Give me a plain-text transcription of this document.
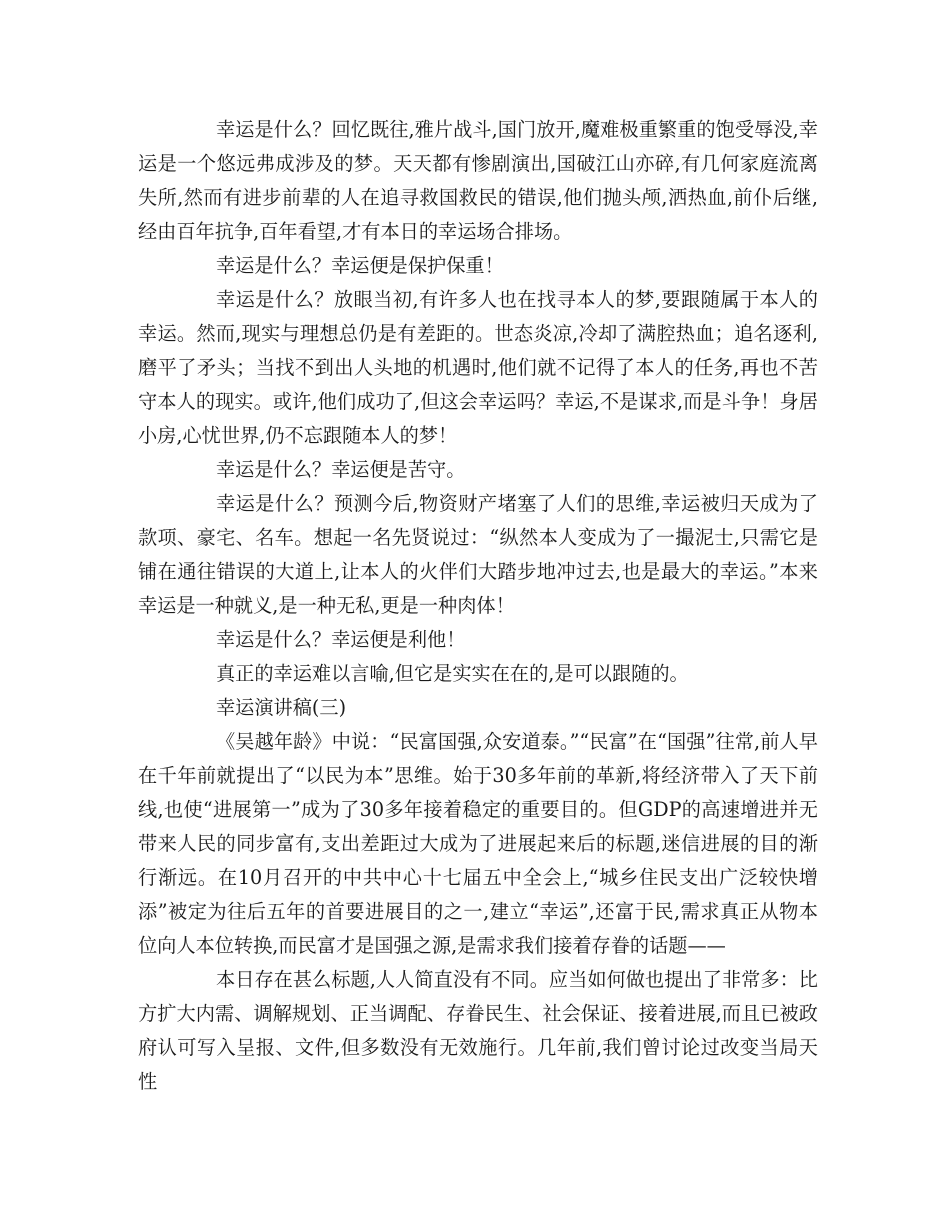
幸运是什么？回忆既往,雅片战斗,国门放开,魔难极重繁重的饱受辱没,幸运是一个悠远弗成涉及的梦。天天都有惨剧演出,国破江山亦碎,有几何家庭流离失所,然而有进步前辈的人在追寻救国救民的错误,他们抛头颅,洒热血,前仆后继,经由百年抗争,百年看望,才有本日的幸运场合排场。

幸运是什么？幸运便是保护保重！

幸运是什么？放眼当初,有许多人也在找寻本人的梦,要跟随属于本人的幸运。然而,现实与理想总仍是有差距的。世态炎凉,冷却了满腔热血；追名逐利,磨平了矛头；当找不到出人头地的机遇时,他们就不记得了本人的任务,再也不苦守本人的现实。或许,他们成功了,但这会幸运吗？幸运,不是谋求,而是斗争！身居小房,心忧世界,仍不忘跟随本人的梦！

幸运是什么？幸运便是苦守。

幸运是什么？预测今后,物资财产堵塞了人们的思维,幸运被归天成为了款项、豪宅、名车。想起一名先贤说过：“纵然本人变成为了一撮泥士,只需它是铺在通往错误的大道上,让本人的火伴们大踏步地冲过去,也是最大的幸运。”本来幸运是一种就义,是一种无私,更是一种肉体！

幸运是什么？幸运便是利他！

真正的幸运难以言喻,但它是实实在在的,是可以跟随的。

幸运演讲稿(三)

《吴越年龄》中说：“民富国强,众安道泰。”“民富”在“国强”往常,前人早在千年前就提出了“以民为本”思维。始于30多年前的革新,将经济带入了天下前线,也使“进展第一”成为了30多年接着稳定的重要目的。但GDP的高速增进并无带来人民的同步富有,支出差距过大成为了进展起来后的标题,迷信进展的目的渐行渐远。在10月召开的中共中心十七届五中全会上,“城乡住民支出广泛较快增添”被定为往后五年的首要进展目的之一,建立“幸运”,还富于民,需求真正从物本位向人本位转换,而民富才是国强之源,是需求我们接着存眷的话题——

本日存在甚么标题,人人简直没有不同。应当如何做也提出了非常多：比方扩大内需、调解规划、正当调配、存眷民生、社会保证、接着进展,而且已被政府认可写入呈报、文件,但多数没有无效施行。几年前,我们曾讨论过改变当局天性
